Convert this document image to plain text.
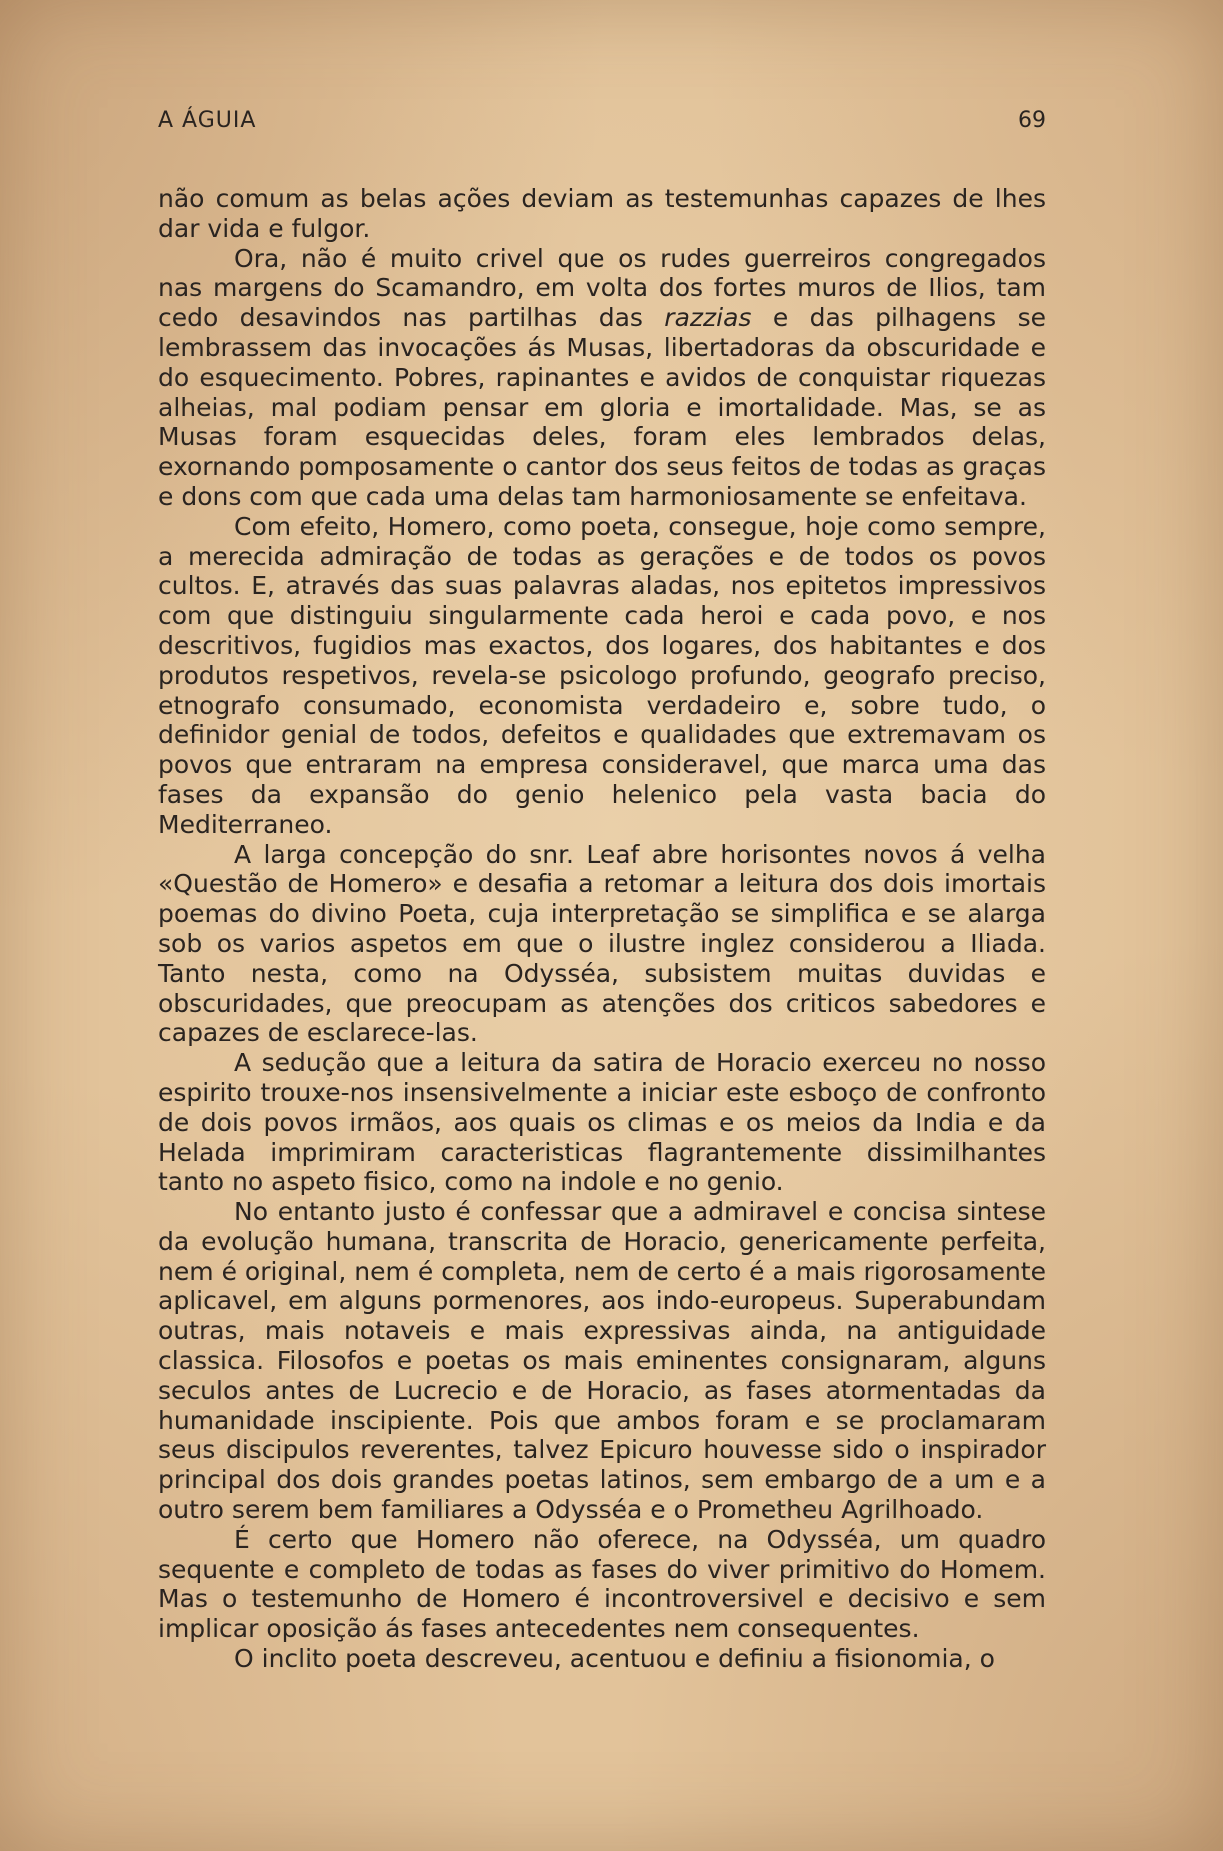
A ÁGUIA	69

não comum as belas ações deviam as testemunhas capazes de lhes dar vida e fulgor.

Ora, não é muito crivel que os rudes guerreiros congregados nas margens do Scamandro, em volta dos fortes muros de Ilios, tam cedo desavindos nas partilhas das razzias e das pilhagens se lembrassem das invocações ás Musas, libertadoras da obscuridade e do esquecimento. Pobres, rapinantes e avidos de conquistar riquezas alheias, mal podiam pensar em gloria e imortalidade. Mas, se as Musas foram esquecidas deles, foram eles lembrados delas, exornando pomposamente o cantor dos seus feitos de todas as graças e dons com que cada uma delas tam harmoniosamente se enfeitava.

Com efeito, Homero, como poeta, consegue, hoje como sempre, a merecida admiração de todas as gerações e de todos os povos cultos. E, através das suas palavras aladas, nos epitetos impressivos com que distinguiu singularmente cada heroi e cada povo, e nos descritivos, fugidios mas exactos, dos logares, dos habitantes e dos produtos respetivos, revela-se psicologo profundo, geografo preciso, etnografo consumado, economista verdadeiro e, sobre tudo, o definidor genial de todos, defeitos e qualidades que extremavam os povos que entraram na empresa consideravel, que marca uma das fases da expansão do genio helenico pela vasta bacia do Mediterraneo.

A larga concepção do snr. Leaf abre horisontes novos á velha «Questão de Homero» e desafia a retomar a leitura dos dois imortais poemas do divino Poeta, cuja interpretação se simplifica e se alarga sob os varios aspetos em que o ilustre inglez considerou a Iliada. Tanto nesta, como na Odysséa, subsistem muitas duvidas e obscuridades, que preocupam as atenções dos criticos sabedores e capazes de esclarece-las.

A sedução que a leitura da satira de Horacio exerceu no nosso espirito trouxe-nos insensivelmente a iniciar este esboço de confronto de dois povos irmãos, aos quais os climas e os meios da India e da Helada imprimiram caracteristicas flagrantemente dissimilhantes tanto no aspeto fisico, como na indole e no genio.

No entanto justo é confessar que a admiravel e concisa sintese da evolução humana, transcrita de Horacio, genericamente perfeita, nem é original, nem é completa, nem de certo é a mais rigorosamente aplicavel, em alguns pormenores, aos indo-europeus. Superabundam outras, mais notaveis e mais expressivas ainda, na antiguidade classica. Filosofos e poetas os mais eminentes consignaram, alguns seculos antes de Lucrecio e de Horacio, as fases atormentadas da humanidade inscipiente. Pois que ambos foram e se proclamaram seus discipulos reverentes, talvez Epicuro houvesse sido o inspirador principal dos dois grandes poetas latinos, sem embargo de a um e a outro serem bem familiares a Odysséa e o Prometheu Agrilhoado.

É certo que Homero não oferece, na Odysséa, um quadro sequente e completo de todas as fases do viver primitivo do Homem. Mas o testemunho de Homero é incontroversivel e decisivo e sem implicar oposição ás fases antecedentes nem consequentes.

O inclito poeta descreveu, acentuou e definiu a fisionomia, o
